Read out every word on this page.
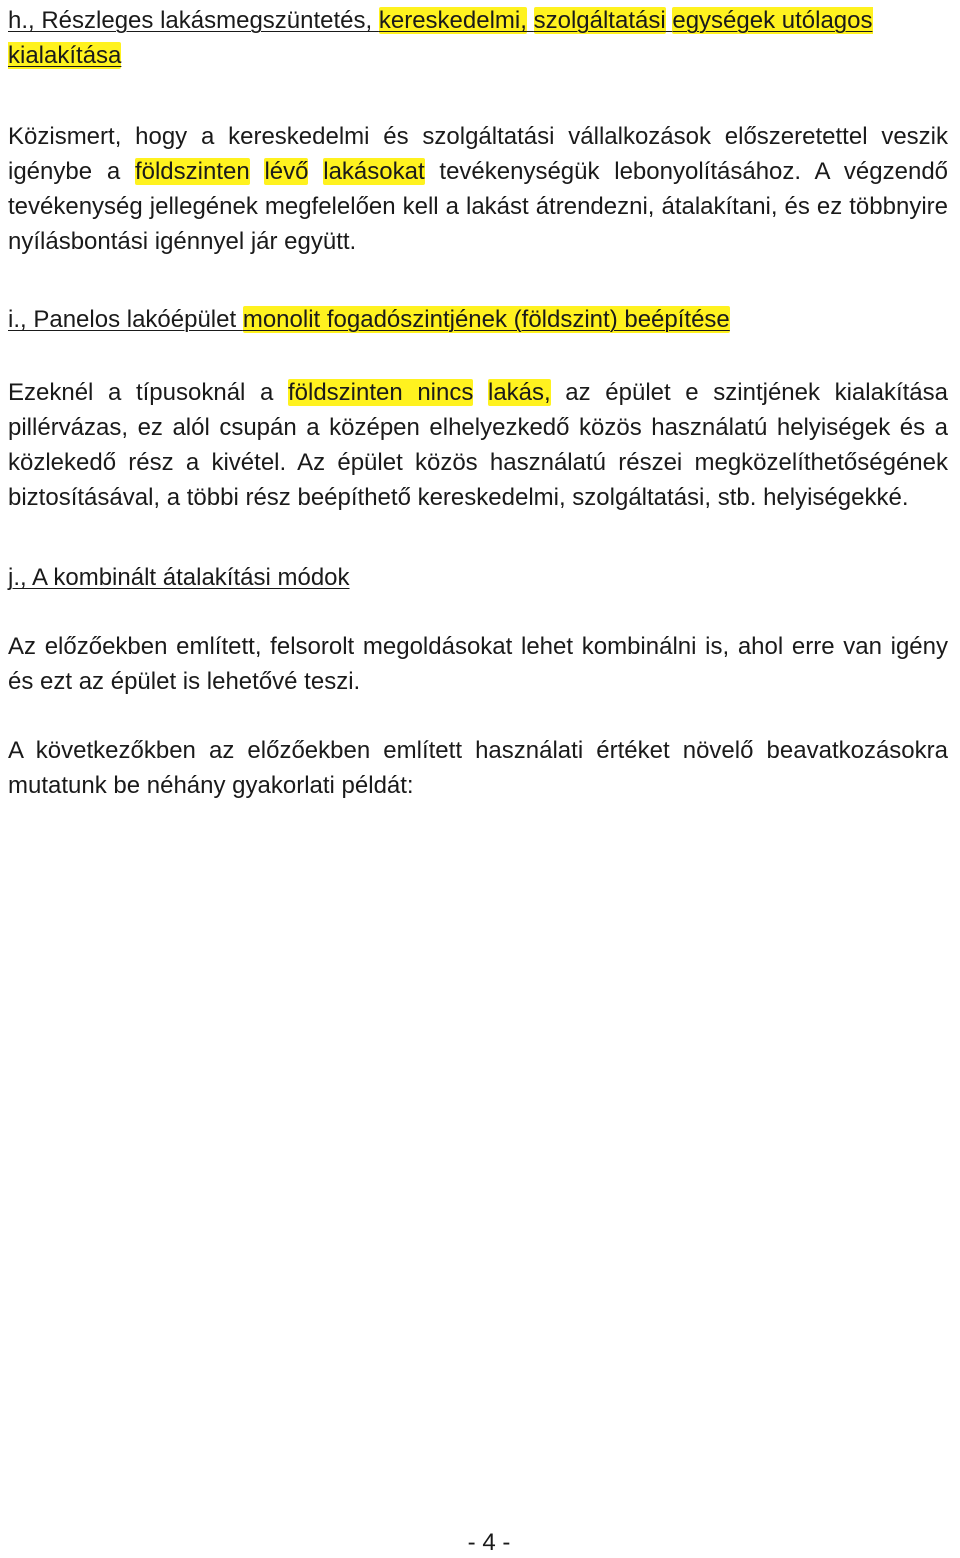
h., Részleges lakásmegszüntetés, kereskedelmi, szolgáltatási egységek utólagos kialakítása

Közismert, hogy a kereskedelmi és szolgáltatási vállalkozások előszeretettel veszik igénybe a földszinten lévő lakásokat tevékenységük lebonyolításához. A végzendő tevékenység jellegének megfelelően kell a lakást átrendezni, átalakítani, és ez többnyire nyílásbontási igénnyel jár együtt.

i., Panelos lakóépület monolit fogadószintjének (földszint) beépítése

Ezeknél a típusoknál a földszinten nincs lakás, az épület e szintjének kialakítása pillérvázas, ez alól csupán a középen elhelyezkedő közös használatú helyiségek és a közlekedő rész a kivétel. Az épület közös használatú részei megközelíthetőségének biztosításával, a többi rész beépíthető kereskedelmi, szolgáltatási, stb. helyiségekké.

j., A kombinált átalakítási módok

Az előzőekben említett, felsorolt megoldásokat lehet kombinálni is, ahol erre van igény és ezt az épület is lehetővé teszi.

A következőkben az előzőekben említett használati értéket növelő beavatkozásokra mutatunk be néhány gyakorlati példát:

- 4 -
